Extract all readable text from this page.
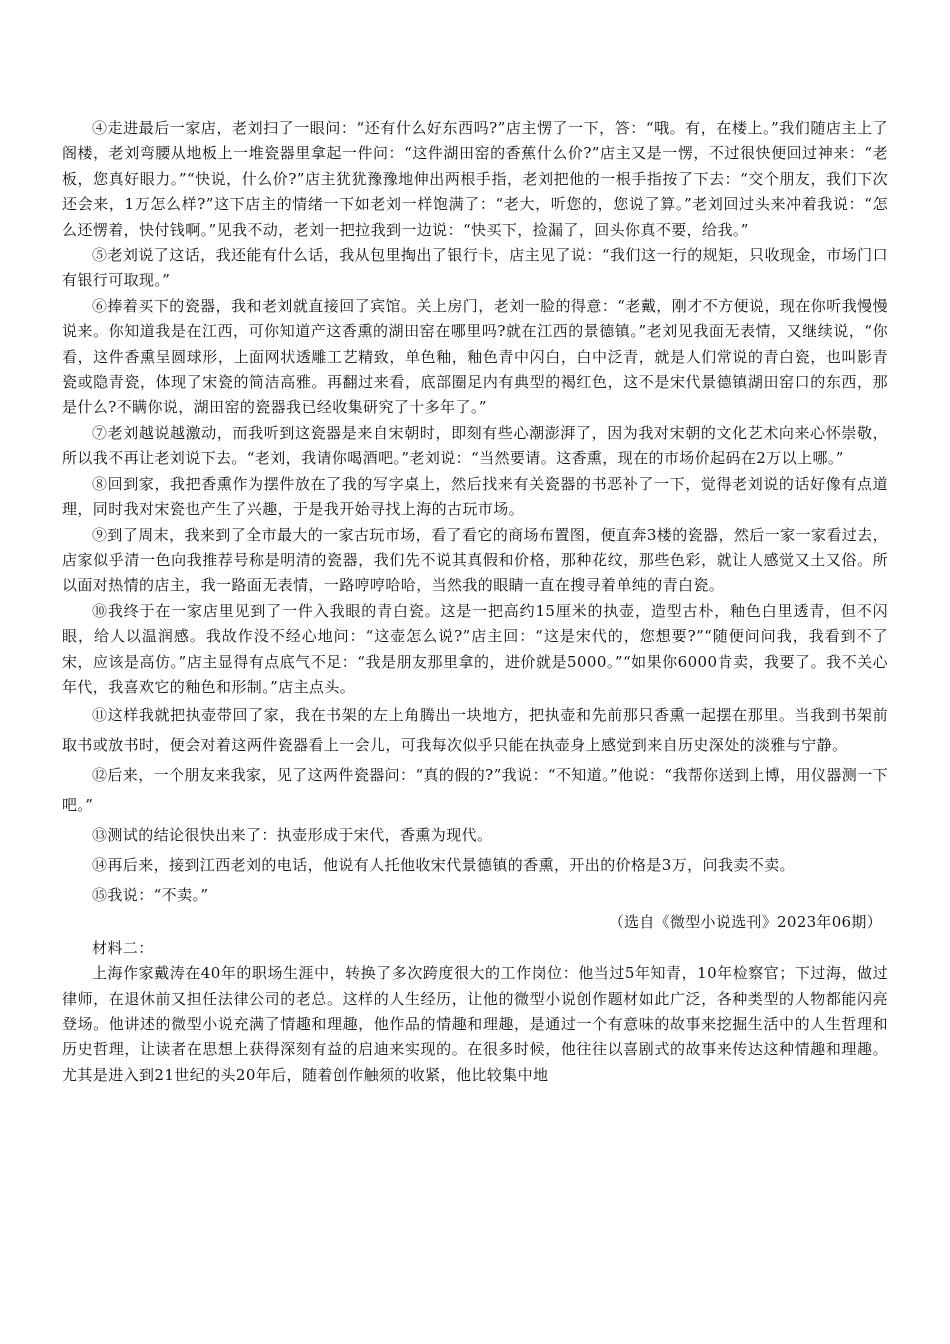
④走进最后一家店，老刘扫了一眼问：“还有什么好东西吗?”店主愣了一下，答：“哦。有，在楼上。”我们随店主上了阁楼，老刘弯腰从地板上一堆瓷器里拿起一件问：“这件湖田窑的香蕉什么价?”店主又是一愣，不过很快便回过神来：“老板，您真好眼力。”“快说，什么价?”店主犹犹豫豫地伸出两根手指，老刘把他的一根手指按了下去：“交个朋友，我们下次还会来，1万怎么样?”这下店主的情绪一下如老刘一样饱满了：“老大，听您的，您说了算。”老刘回过头来冲着我说：“怎么还愣着，快付钱啊。”见我不动，老刘一把拉我到一边说：“快买下，捡漏了，回头你真不要，给我。”

⑤老刘说了这话，我还能有什么话，我从包里掏出了银行卡，店主见了说：“我们这一行的规矩，只收现金，市场门口有银行可取现。”

⑥捧着买下的瓷器，我和老刘就直接回了宾馆。关上房门，老刘一脸的得意：“老戴，刚才不方便说，现在你听我慢慢说来。你知道我是在江西，可你知道产这香熏的湖田窑在哪里吗?就在江西的景德镇。”老刘见我面无表情，又继续说，“你看，这件香熏呈圆球形，上面网状透雕工艺精致，单色釉，釉色青中闪白，白中泛青，就是人们常说的青白瓷，也叫影青瓷或隐青瓷，体现了宋瓷的简洁高雅。再翻过来看，底部圈足内有典型的褐红色，这不是宋代景德镇湖田窑口的东西，那是什么?不瞒你说，湖田窑的瓷器我已经收集研究了十多年了。”

⑦老刘越说越激动，而我听到这瓷器是来自宋朝时，即刻有些心潮澎湃了，因为我对宋朝的文化艺术向来心怀崇敬，所以我不再让老刘说下去。“老刘，我请你喝酒吧。”老刘说：“当然要请。这香熏，现在的市场价起码在2万以上哪。”

⑧回到家，我把香熏作为摆件放在了我的写字桌上，然后找来有关瓷器的书恶补了一下，觉得老刘说的话好像有点道理，同时我对宋瓷也产生了兴趣，于是我开始寻找上海的古玩市场。

⑨到了周末，我来到了全市最大的一家古玩市场，看了看它的商场布置图，便直奔3楼的瓷器，然后一家一家看过去，店家似乎清一色向我推荐号称是明清的瓷器，我们先不说其真假和价格，那种花纹，那些色彩，就让人感觉又土又俗。所以面对热情的店主，我一路面无表情，一路哼哼哈哈，当然我的眼睛一直在搜寻着单纯的青白瓷。

⑩我终于在一家店里见到了一件入我眼的青白瓷。这是一把高约15厘米的执壶，造型古朴，釉色白里透青，但不闪眼，给人以温润感。我故作没不经心地问：“这壶怎么说?”店主回：“这是宋代的，您想要?”“随便问问我，我看到不了宋，应该是高仿。”店主显得有点底气不足：“我是朋友那里拿的，进价就是5000。”“如果你6000肯卖，我要了。我不关心年代，我喜欢它的釉色和形制。”店主点头。

⑪这样我就把执壶带回了家，我在书架的左上角腾出一块地方，把执壶和先前那只香熏一起摆在那里。当我到书架前取书或放书时，便会对着这两件瓷器看上一会儿，可我每次似乎只能在执壶身上感觉到来自历史深处的淡雅与宁静。

⑫后来，一个朋友来我家，见了这两件瓷器问：“真的假的?”我说：“不知道。”他说：“我帮你送到上博，用仪器测一下吧。”

⑬测试的结论很快出来了：执壶形成于宋代，香熏为现代。

⑭再后来，接到江西老刘的电话，他说有人托他收宋代景德镇的香熏，开出的价格是3万，问我卖不卖。

⑮我说：“不卖。”

（选自《微型小说选刊》2023年06期）

材料二：

上海作家戴涛在40年的职场生涯中，转换了多次跨度很大的工作岗位：他当过5年知青，10年检察官；下过海，做过律师，在退休前又担任法律公司的老总。这样的人生经历，让他的微型小说创作题材如此广泛，各种类型的人物都能闪亮登场。他讲述的微型小说充满了情趣和理趣，他作品的情趣和理趣，是通过一个有意味的故事来挖掘生活中的人生哲理和历史哲理，让读者在思想上获得深刻有益的启迪来实现的。在很多时候，他往往以喜剧式的故事来传达这种情趣和理趣。尤其是进入到21世纪的头20年后，随着创作触须的收紧，他比较集中地
